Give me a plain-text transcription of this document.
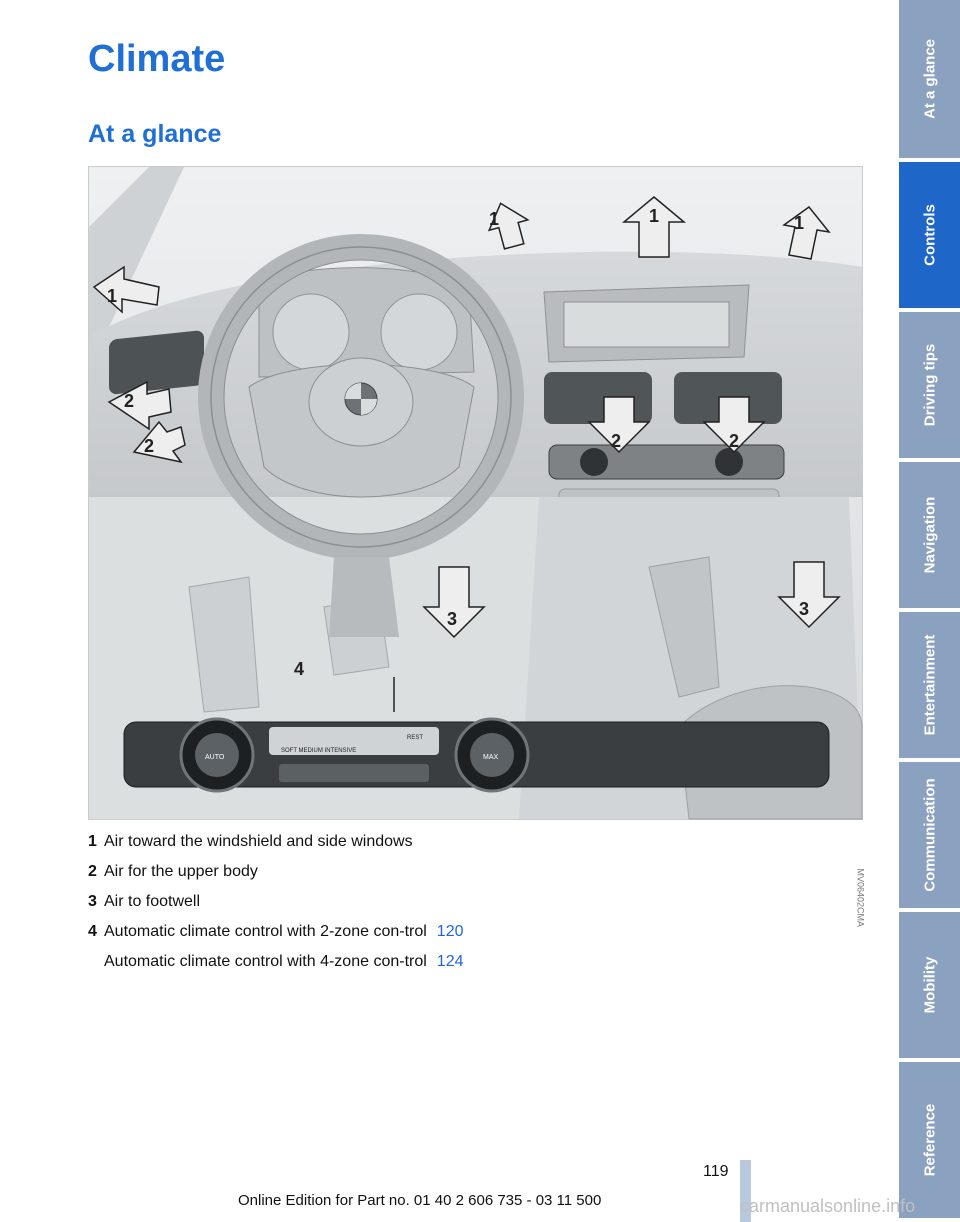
Climate
At a glance
AUTO	MAX
SOFT MEDIUM INTENSIVE
REST
1	1	1
1
2
2	2	2
3	3
4
MV06402CMA
1 Air toward the windshield and side windows
2 Air for the upper body
3 Air to footwell
4 Automatic climate control with 2-zone con-trol 120
Automatic climate control with 4-zone con-trol 124
At a glance
Controls
Driving tips
Navigation
Entertainment
Communication
Mobility
Reference
119
Online Edition for Part no. 01 40 2 606 735 - 03 11 500	carmanualsonline.info
